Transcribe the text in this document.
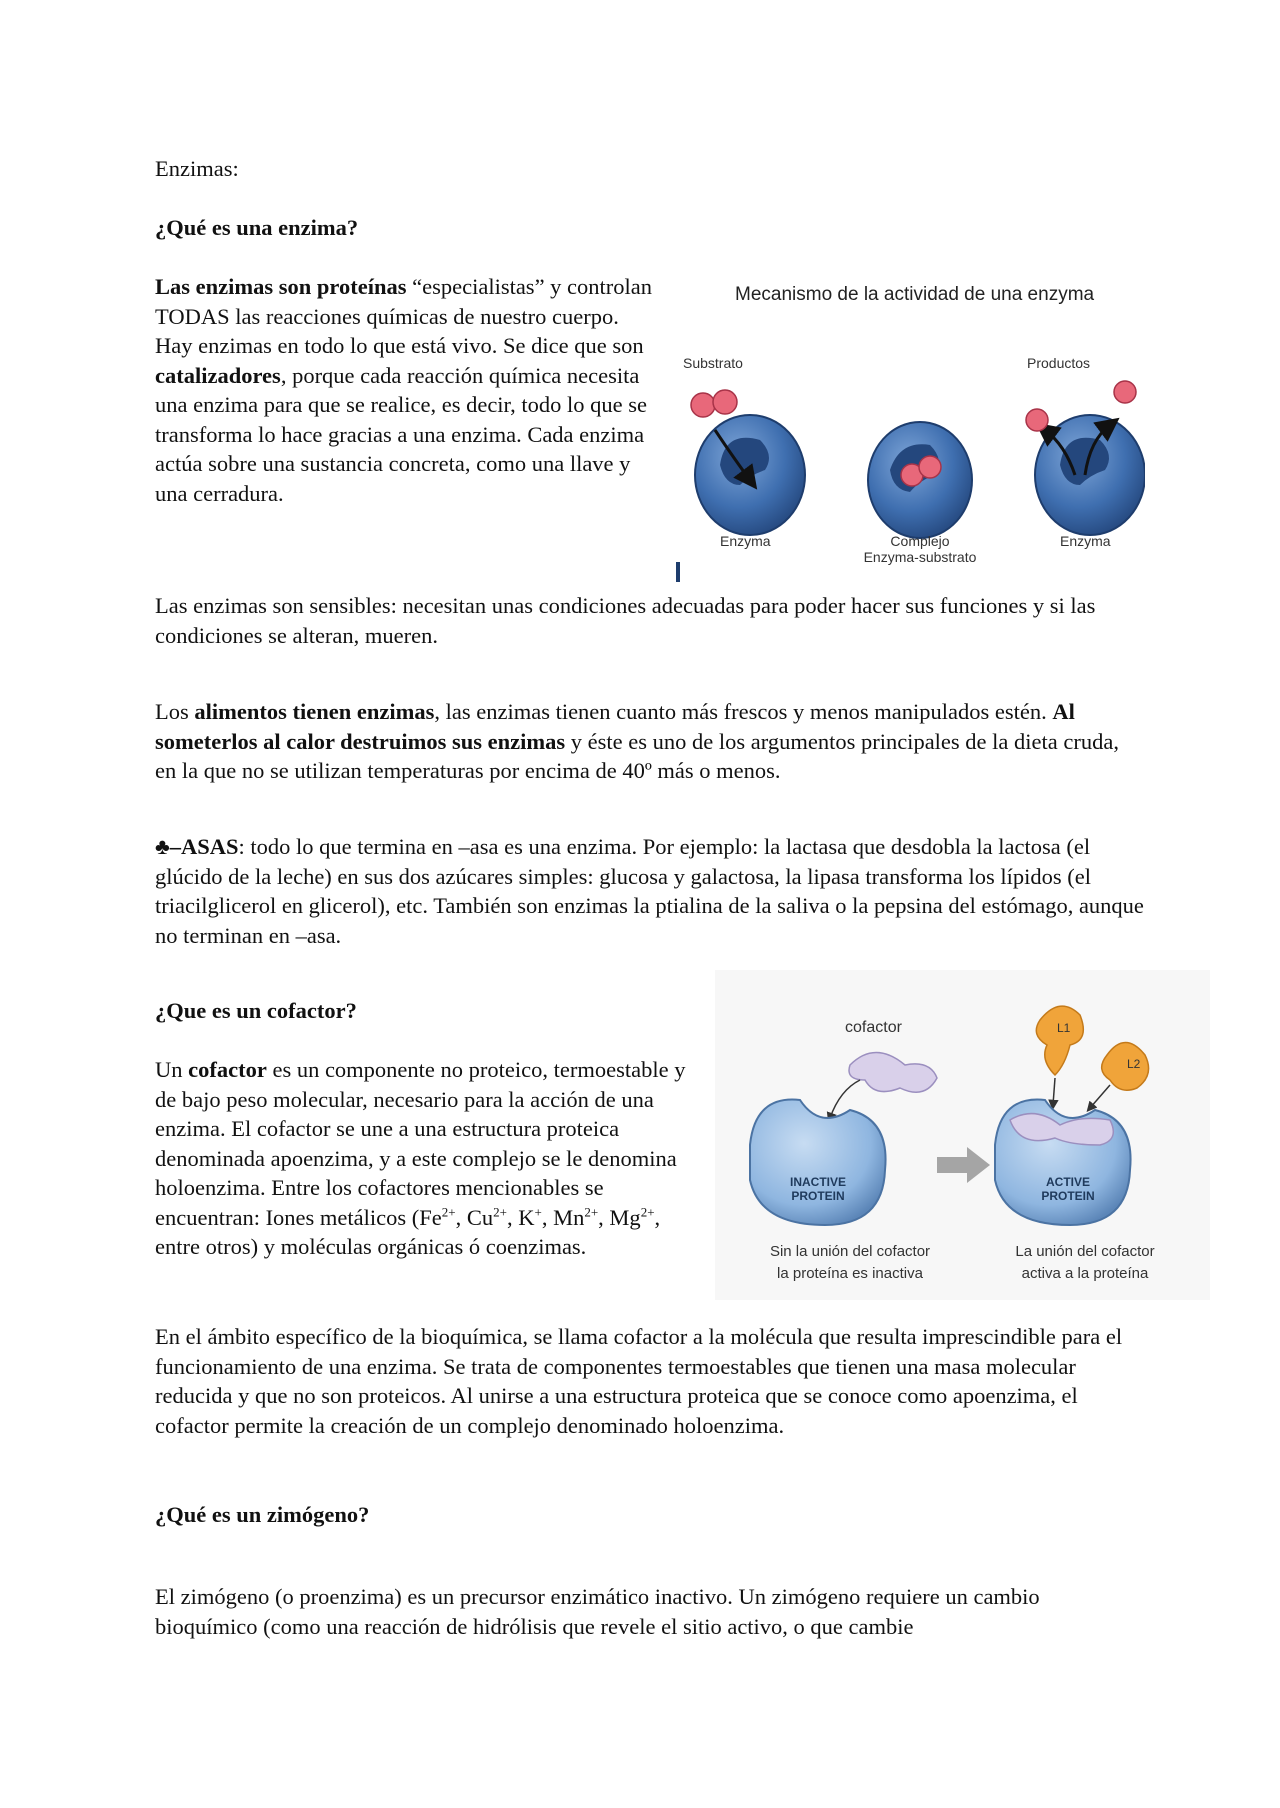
Enzimas:

¿Qué es una enzima?

Las enzimas son proteínas “especialistas” y controlan TODAS las reacciones químicas de nuestro cuerpo. Hay enzimas en todo lo que está vivo. Se dice que son catalizadores, porque cada reacción química necesita una enzima para que se realice, es decir, todo lo que se transforma lo hace gracias a una enzima. Cada enzima actúa sobre una sustancia concreta, como una llave y una cerradura.

Mecanismo de la actividad de una enzyma
Substrato	Productos
Enzyma	Complejo
Enzyma-substrato
Enzyma

Las enzimas son sensibles: necesitan unas condiciones adecuadas para poder hacer sus funciones y si las condiciones se alteran, mueren.

Los alimentos tienen enzimas, las enzimas tienen cuanto más frescos y menos manipulados estén. Al someterlos al calor destruimos sus enzimas y éste es uno de los argumentos principales de la dieta cruda, en la que no se utilizan temperaturas por encima de 40º más o menos.

♣–ASAS: todo lo que termina en –asa es una enzima. Por ejemplo: la lactasa que desdobla la lactosa (el glúcido de la leche) en sus dos azúcares simples: glucosa y galactosa, la lipasa transforma los lípidos (el triacilglicerol en glicerol), etc. También son enzimas la ptialina de la saliva o la pepsina del estómago, aunque no terminan en –asa.

¿Que es un cofactor?

Un cofactor es un componente no proteico, termoestable y de bajo peso molecular, necesario para la acción de una enzima. El cofactor se une a una estructura proteica denominada apoenzima, y a este complejo se le denomina holoenzima. Entre los cofactores mencionables se encuentran: Iones metálicos ($Fe^{2+}$, $Cu^{2+}$, K+, $Mn^{2+}$, $Mg^{2+}$, entre otros) y moléculas orgánicas ó coenzimas.

cofactor
INACTIVE
PROTEIN
L1
L2
ACTIVE
PROTEIN
Sin la unión del cofactor
la proteína es inactiva
La unión del cofactor
activa a la proteína

En el ámbito específico de la bioquímica, se llama cofactor a la molécula que resulta imprescindible para el funcionamiento de una enzima. Se trata de componentes termoestables que tienen una masa molecular reducida y que no son proteicos. Al unirse a una estructura proteica que se conoce como apoenzima, el cofactor permite la creación de un complejo denominado holoenzima.

¿Qué es un zimógeno?

El zimógeno (o proenzima) es un precursor enzimático inactivo. Un zimógeno requiere un cambio bioquímico (como una reacción de hidrólisis que revele el sitio activo, o que cambie
